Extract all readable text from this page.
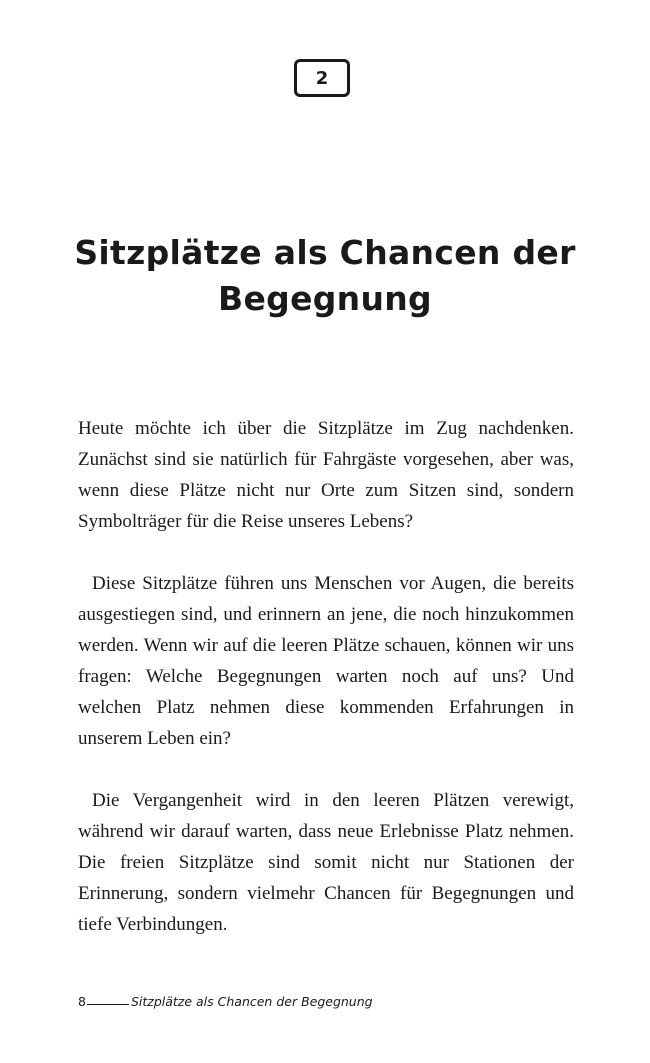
2
Sitzplätze als Chancen der Begegnung

Heute möchte ich über die Sitzplätze im Zug nachdenken. Zunächst sind sie natürlich für Fahrgäste vorgesehen, aber was, wenn diese Plätze nicht nur Orte zum Sitzen sind, sondern Symbolträger für die Reise unseres Lebens?

Diese Sitzplätze führen uns Menschen vor Augen, die bereits ausgestiegen sind, und erinnern an jene, die noch hinzukommen werden. Wenn wir auf die leeren Plätze schauen, können wir uns fragen: Welche Begegnungen warten noch auf uns? Und welchen Platz nehmen diese kommenden Erfahrungen in unserem Leben ein?

Die Vergangenheit wird in den leeren Plätzen verewigt, während wir darauf warten, dass neue Erlebnisse Platz nehmen. Die freien Sitzplätze sind somit nicht nur Stationen der Erinnerung, sondern vielmehr Chancen für Begegnungen und tiefe Verbindungen.

8	Sitzplätze als Chancen der Begegnung
